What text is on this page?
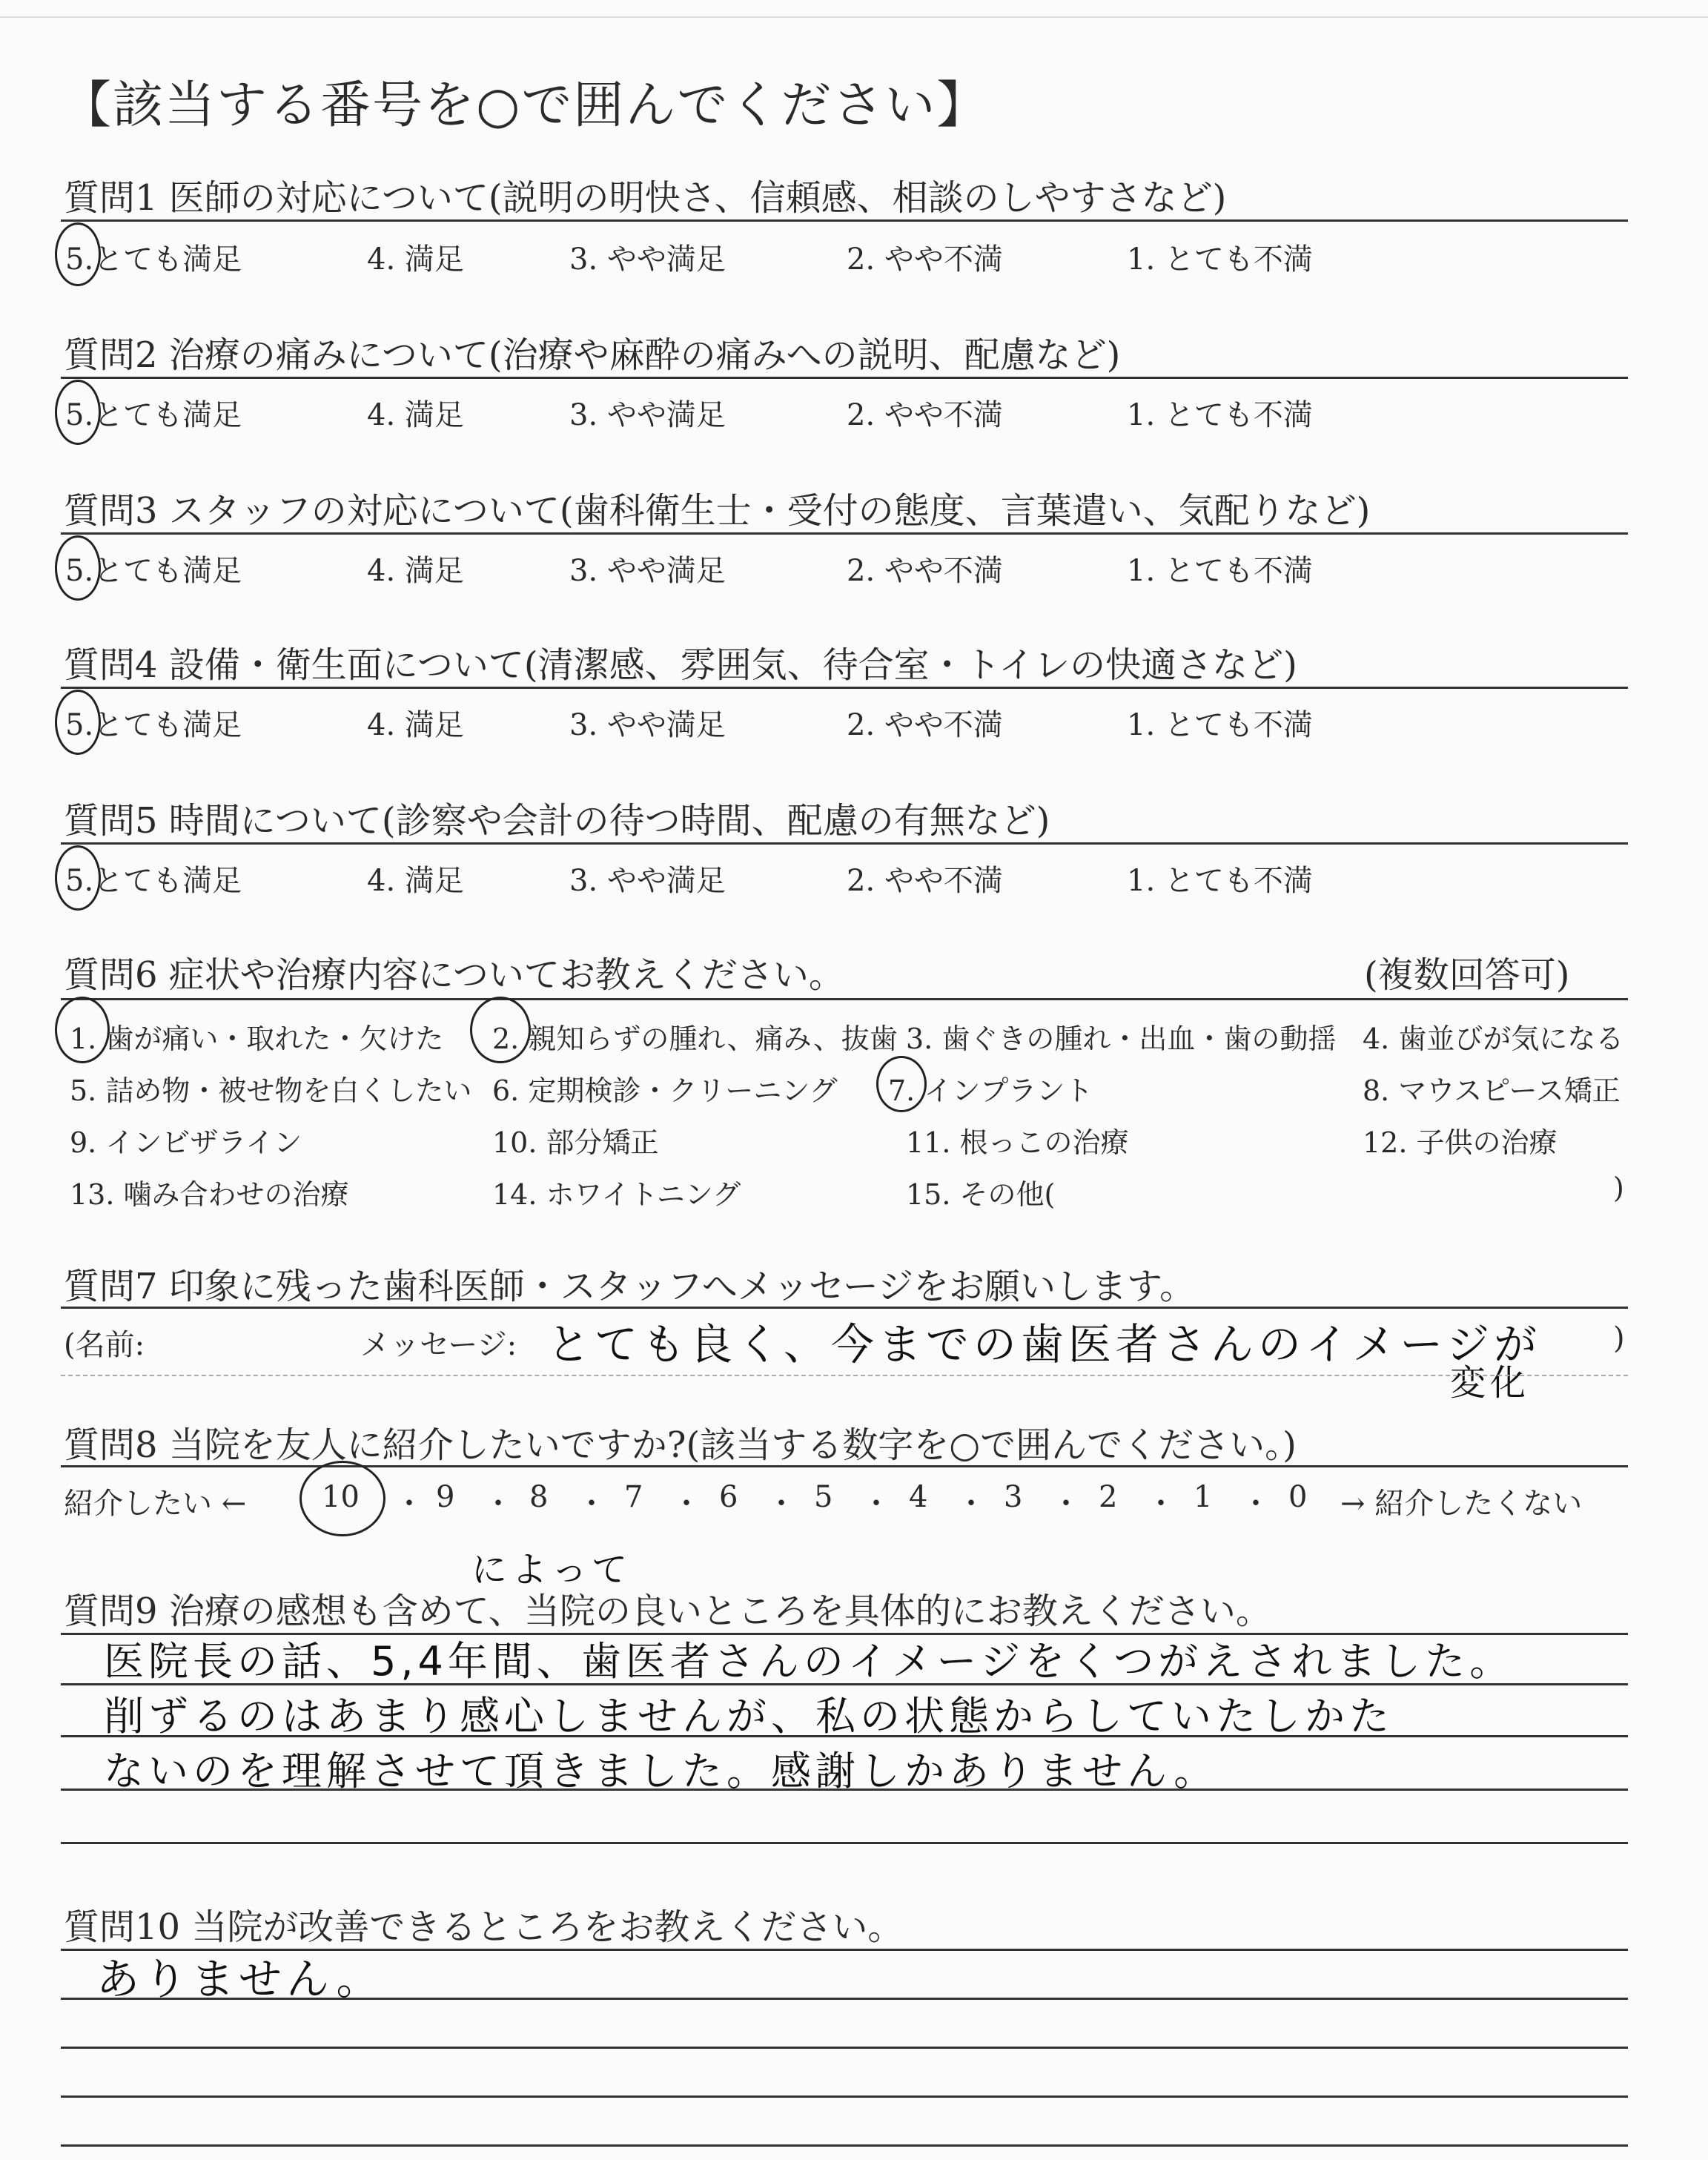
【該当する番号を○で囲んでください】
質問1 医師の対応について(説明の明快さ、信頼感、相談のしやすさなど)
5.とても満足	4. 満足	3. やや満足	2. やや不満	1. とても不満
質問2 治療の痛みについて(治療や麻酔の痛みへの説明、配慮など)
5.とても満足	4. 満足	3. やや満足	2. やや不満	1. とても不満
質問3 スタッフの対応について(歯科衛生士・受付の態度、言葉遣い、気配りなど)
5.とても満足	4. 満足	3. やや満足	2. やや不満	1. とても不満
質問4 設備・衛生面について(清潔感、雰囲気、待合室・トイレの快適さなど)
5.とても満足	4. 満足	3. やや満足	2. やや不満	1. とても不満
質問5 時間について(診察や会計の待つ時間、配慮の有無など)
5.とても満足	4. 満足	3. やや満足	2. やや不満	1. とても不満
質問6 症状や治療内容についてお教えください。	(複数回答可)
1. 歯が痛い・取れた・欠けた 2. 親知らずの腫れ、痛み、抜歯 3. 歯ぐきの腫れ・出血・歯の動揺 4. 歯並びが気になる
5. 詰め物・被せ物を白くしたい 6. 定期検診・クリーニング 7. インプラント	8. マウスピース矯正
9. インビザライン	10. 部分矯正	11. 根っこの治療	12. 子供の治療
13. 噛み合わせの治療	14. ホワイトニング	15. その他(	)
質問7 印象に残った歯科医師・スタッフへメッセージをお願いします。
(名前:	メッセージ: とても良く、今までの歯医者さんのイメージが
変化
)
質問8 当院を友人に紹介したいですか?(該当する数字を○で囲んでください。)
紹介したい ←	10 ・ 9 ・ 8 ・ 7 ・ 6 ・ 5 ・ 4 ・ 3 ・ 2 ・ 1 ・ 0 → 紹介したくない
によって
質問9 治療の感想も含めて、当院の良いところを具体的にお教えください。
医院長の話、5,4年間、歯医者さんのイメージをくつがえされました。
削ずるのはあまり感心しませんが、私の状態からしていたしかた
ないのを理解させて頂きました。感謝しかありません。
質問10 当院が改善できるところをお教えください。
ありません。
